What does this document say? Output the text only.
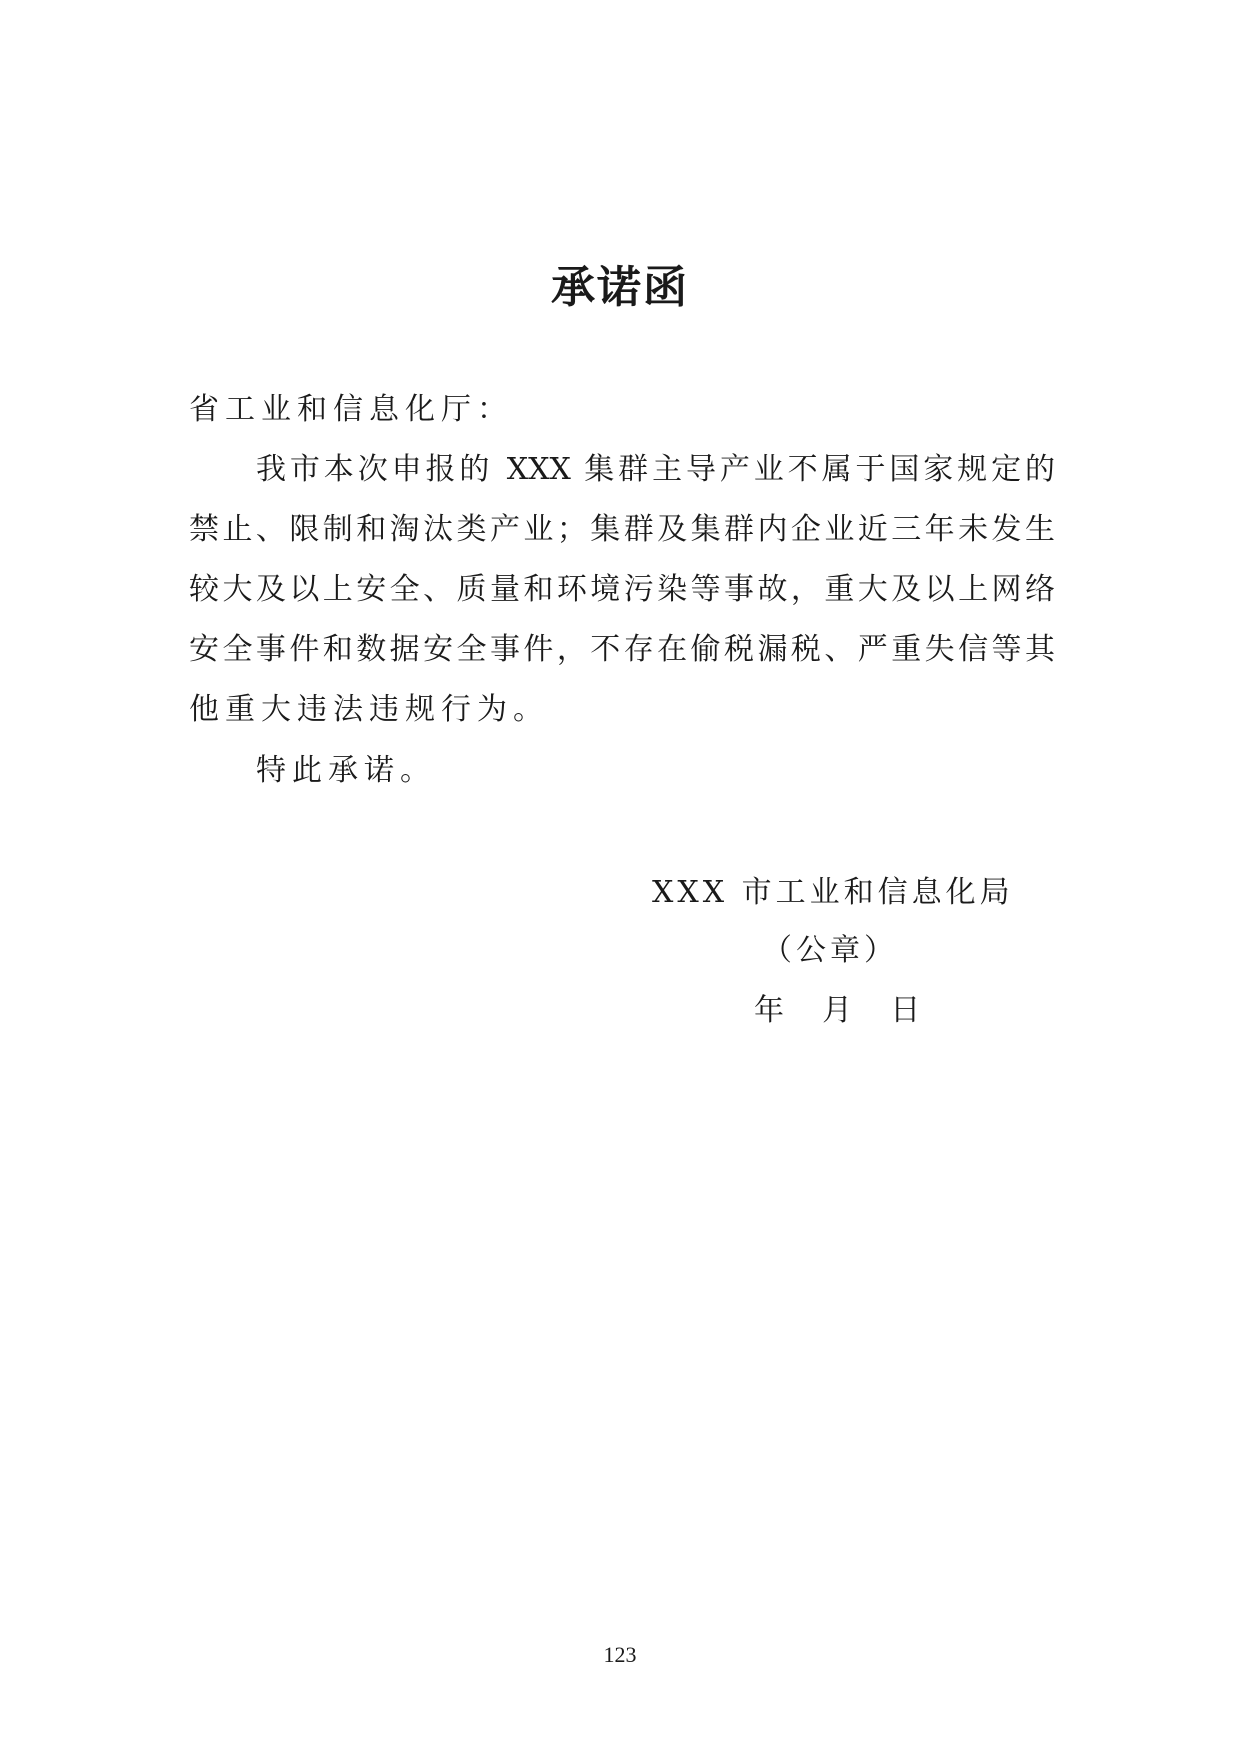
承诺函
省工业和信息化厅：
我市本次申报的 XXX 集群主导产业不属于国家规定的
禁止、限制和淘汰类产业；集群及集群内企业近三年未发生
较大及以上安全、质量和环境污染等事故，重大及以上网络
安全事件和数据安全事件，不存在偷税漏税、严重失信等其
他重大违法违规行为。
特此承诺。
XXX 市工业和信息化局
（公章）
年    月    日
123
